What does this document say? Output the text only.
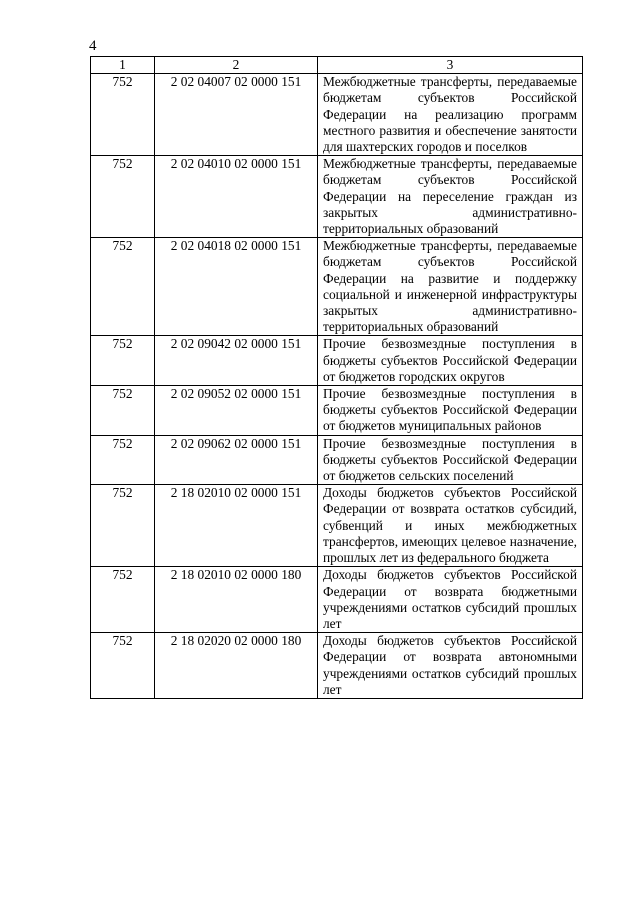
4
1	2	3
752	2 02 04007 02 0000 151	Межбюджетные трансферты, передаваемые бюджетам субъектов Российской Федерации на реализацию программ местного развития и обеспечение занятости для шахтерских городов и поселков
752	2 02 04010 02 0000 151	Межбюджетные трансферты, передаваемые бюджетам субъектов Российской Федерации на переселение граждан из закрытых административно-территориальных образований
752	2 02 04018 02 0000 151	Межбюджетные трансферты, передаваемые бюджетам субъектов Российской Федерации на развитие и поддержку социальной и инженерной инфраструктуры закрытых административно-территориальных образований
752	2 02 09042 02 0000 151	Прочие безвозмездные поступления в бюджеты субъектов Российской Федерации от бюджетов городских округов
752	2 02 09052 02 0000 151	Прочие безвозмездные поступления в бюджеты субъектов Российской Федерации от бюджетов муниципальных районов
752	2 02 09062 02 0000 151	Прочие безвозмездные поступления в бюджеты субъектов Российской Федерации от бюджетов сельских поселений
752	2 18 02010 02 0000 151	Доходы бюджетов субъектов Российской Федерации от возврата остатков субсидий, субвенций и иных межбюджетных трансфертов, имеющих целевое назначение, прошлых лет из федерального бюджета
752	2 18 02010 02 0000 180	Доходы бюджетов субъектов Российской Федерации от возврата бюджетными учреждениями остатков субсидий прошлых лет
752	2 18 02020 02 0000 180	Доходы бюджетов субъектов Российской Федерации от возврата автономными учреждениями остатков субсидий прошлых лет
